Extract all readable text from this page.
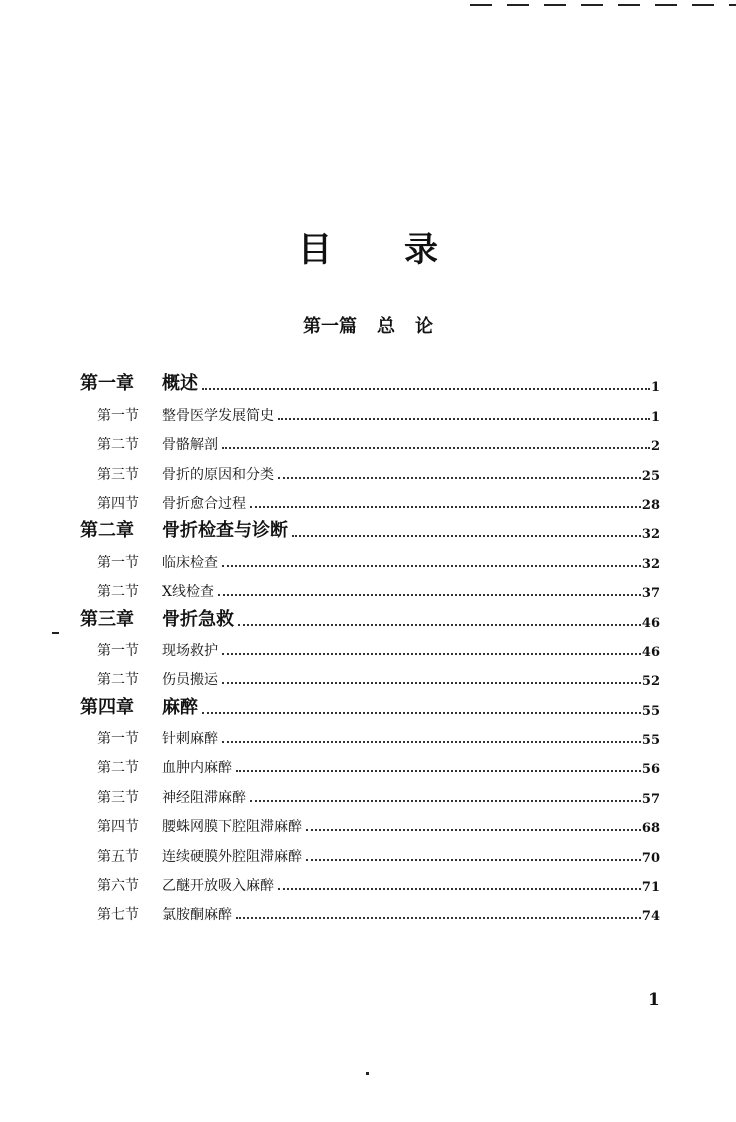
目 录
第一篇 总 论
第一章	概述	1
第一节	整骨医学发展简史	1
第二节	骨骼解剖	2
第三节	骨折的原因和分类	25
第四节	骨折愈合过程	28
第二章	骨折检查与诊断	32
第一节	临床检查	32
第二节	X线检查	37
第三章	骨折急救	46
第一节	现场救护	46
第二节	伤员搬运	52
第四章	麻醉	55
第一节	针刺麻醉	55
第二节	血肿内麻醉	56
第三节	神经阻滞麻醉	57
第四节	腰蛛网膜下腔阻滞麻醉	68
第五节	连续硬膜外腔阻滞麻醉	70
第六节	乙醚开放吸入麻醉	71
第七节	氯胺酮麻醉	74
1
